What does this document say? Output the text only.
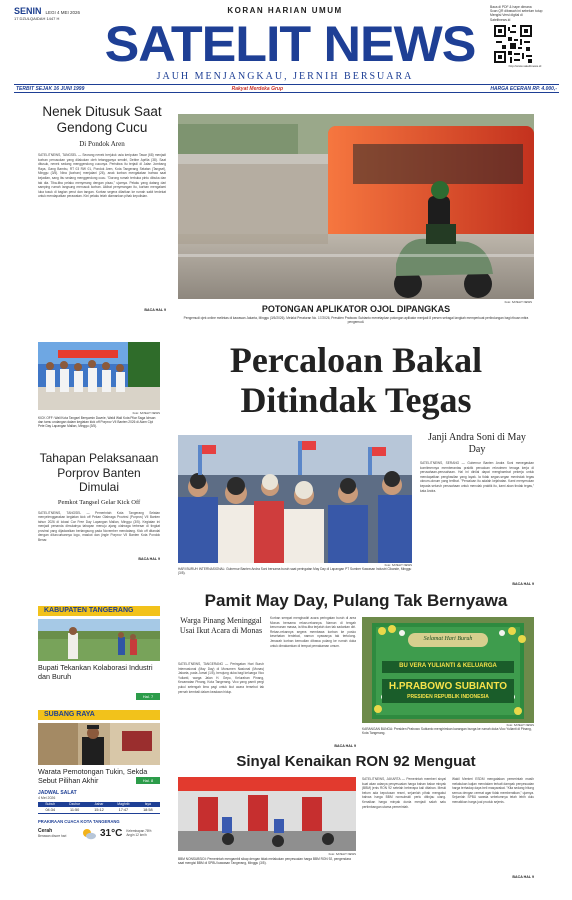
SENIN LEGI 4 MEI 2026
17 DZULQAIDAH 1447 H
KORAN HARIAN UMUM
SATELIT NEWS
JAUH MENJANGKAU, JERNIH BERSUARA
Baca di PDF & hape dimana
Scan QR dibawah ini sebelum tutup
Mengisi Versi digital di
Satelitnews.id
http://www.satelitnews.id
TERBIT SEJAK 16 JUNI 1999	Rakyat Merdeka Grup	HARGA ECERAN RP. 4.000,-
Nenek Ditusuk Saat Gendong Cucu
Di Pondok Aren
SATELITNEWS, TANGSEL — Seorang nenek berjuluk usia keriputan Tasar (68) menjadi korban penusukan yang dilakukan oleh tetangganya sendiri, Debbe Aprilia (38). Saat ditusuk, nenek sedang menggendong cucunya. Peristiwa itu terjadi di Jalan Jombang Raya, Gang Bambu, RT 03 RW 01, Pondok Aren, Kota Tangerang Selatan (Tangsel), Minggu (3/5). Nina (korban) menjalani (26), anak korban mengatakan bahwa saat kejadian, sang ibu sedang menggendong cucu. "Dorong rumah terbuka pintu dibuka dan tak dia. Tiba-tiba pelaku menyerang dengan pisau," ujarnya. Pelaku yang datang dari samping rumah langsung menusuk korban. Akibat penyerangan itu, korban mengalami luka tusuk di bagian perut dan tangan. Korban segera dilarikan ke rumah sakit terdekat untuk mendapatkan perawatan. Kini pelaku telah diamankan pihak kepolisian.
BACA HAL 9
Foto: SATELIT NEWS
POTONGAN APLIKATOR OJOL DIPANGKAS
Pengemudi ojek online melintas di kawasan Jakarta, Minggu (3/5/2026). Melalui Peraturan No. 17/2026, Presiden Prabowo Subianto menetapkan potongan aplikator menjadi 8 persen sebagai langkah memperkuat perlindungan bagi ribuan mitra pengemudi.
Foto: SATELIT NEWS
KICK OFF: Wali Kota Tangsel Benyamin Davnie, Wakil Wali Kota Pilar Saga Ichsan dan tamu undangan dalam kegiatan kick off Porprov VII Banten 2026 di Alam Cipi Pete Day Lapangan Mallan, Minggu (3/5).
Tahapan Pelaksanaan Porprov Banten Dimulai
Pemkot Tangsel Gelar Kick Off
SATELITNEWS, TANGSEL — Pemerintah Kota Tangerang Selatan menyelenggarakan kegiatan kick off Pekan Olahraga Provinsi (Porprov) VII Banten tahun 2026 di lokasi Car Free Day Lapangan Mallan, Minggu (3/5). Kegiatan ini menjadi penanda dimulainya tahapan menuju ajang olahraga terbesar di tingkat provinsi yang dijadwalkan berlangsung pada November mendatang. Kick off ditandai dengan diluncurkannya logo, maskot dan jingle Porprov VII Banten Kota Pondok Benar.
BACA HAL 9
Percaloan Bakal
Ditindak Tegas
Foto: SATELIT NEWS
HARI BURUH INTERNASIONAL: Gubernur Banten Andra Soni bersama buruh saat peringatan May Day di Lapangan PT Sumber Kawasan Industri Cikande, Minggu (3/5).
Janji Andra Soni di May Day
SATELITNEWS, SERANG — Gubernur Banten Andra Soni menegaskan komitmennya memberantas praktik percaloan rekrutmen tenaga kerja di perusahaan-perusahaan. Hal ini dinilai dapat menghambat pekerja untuk mendapatkan penghasilan yang layak. Ia tidak segan-segan menindak tegas oknum-oknum yang terlibat. "Percaloan itu adalah kejahatan. Kami menyerukan kepada seluruh perusahaan untuk menolak praktik itu, kami akan tindak tegas," kata Andra.
BACA HAL 9
Pamit May Day, Pulang Tak Bernyawa
Warga Pinang Meninggal Usai Ikut Acara di Monas
SATELITNEWS, TANGERANG — Peringatan Hari Buruh Internasional (May Day) di Monumen Nasional (Monas) Jakarta, pada Jumat (1/5), berujung duka bagi keluarga Vico Yulianti, warga Jalan H. Gepo, Kelurahan Pinang, Kecamatan Pinang, Kota Tangerang. Vico yang pamit pergi pukul setengah lima pagi untuk ikut acara tersebut tak pernah kembali dalam keadaan hidup.
Korban sempat menghadiri acara peringatan buruh di area Monas bersama rekan-rekannya. Namun di tengah kerumunan massa, ia tiba-tiba terjatuh dan tak sadarkan diri. Rekan-rekannya segera membawa korban ke posko kesehatan terdekat, namun nyawanya tak tertolong. Jenazah korban kemudian dibawa pulang ke rumah duka untuk dimakamkan di tempat pemakaman umum.
BACA HAL 9
Selamat Hari Buruh
BU VERA YULIANTI & KELUARGA
H.PRABOWO SUBIANTO
PRESIDEN REPUBLIK INDONESIA
Foto: SATELIT NEWS
KARANGAN BUNGA: Presiden Prabowo Subianto mengirimkan karangan bunga ke rumah duka Vico Yulianti di Pinang, Kota Tangerang.
KABUPATEN TANGERANG
Bupati Tekankan Kolaborasi Industri dan Buruh
Hal. 7
SUBANG RAYA
Warata Pemotongan Tukin, Sekda Sebut Pilihan Akhir	Hal. 8
JADWAL SALAT
4 Mei 2026
Subuh	Dzuhur	Ashar	Maghrib	Isya
04:34	11:50	15:12	17:47	18:58
PRAKIRAAN CUACA KOTA TANGERANG
Cerah
Berawan disore hari	31°C Kelembapan 78% Angin 12 km/h
Sinyal Kenaikan RON 92 Menguat
Foto: SATELIT NEWS
BBM NONSUBSIDI: Pemerintah mengambil sikap dengan tidak melakukan penyesuaian harga BBM RON 92, pengendara saat mengisi BBM di SPBU kawasan Tangerang, Minggu (3/5).
SATELITNEWS, JAKARTA — Pemerintah memberi sinyal kuat akan adanya penyesuaian harga bahan bakar minyak (BBM) jenis RON 92 setelah beberapa kali ditahan. Meski belum ada keputusan resmi, sejumlah pihak mengakui bahwa harga BBM nonsubsidi perlu ditinjau ulang. Kenaikan harga minyak dunia menjadi salah satu pertimbangan utama pemerintah.
Wakil Menteri ESDM mengatakan pemerintah masih melakukan kajian mendalam terkait dampak penyesuaian harga terhadap daya beli masyarakat. "Kita sedang hitung semua dengan cermat agar tidak memberatkan," ujarnya. Sejumlah SPBU swasta sebelumnya telah lebih dulu menaikkan harga jual produk sejenis.
BACA HAL 9
